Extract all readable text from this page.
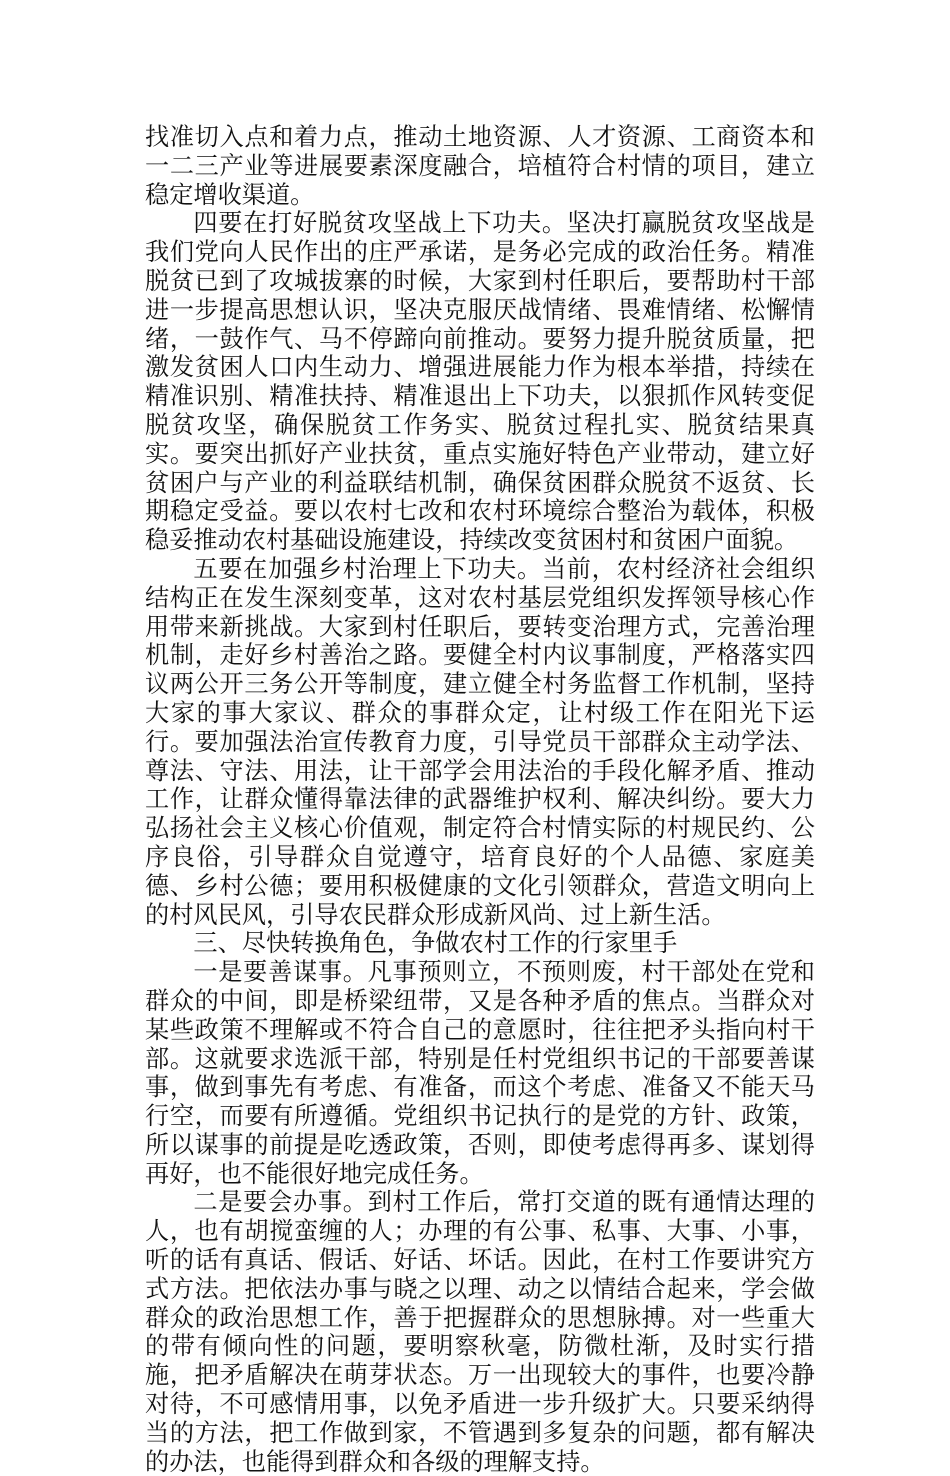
找准切入点和着力点，推动土地资源、人才资源、工商资本和一二三产业等进展要素深度融合，培植符合村情的项目，建立稳定增收渠道。

四要在打好脱贫攻坚战上下功夫。坚决打赢脱贫攻坚战是我们党向人民作出的庄严承诺，是务必完成的政治任务。精准脱贫已到了攻城拔寨的时候，大家到村任职后，要帮助村干部进一步提高思想认识，坚决克服厌战情绪、畏难情绪、松懈情绪，一鼓作气、马不停蹄向前推动。要努力提升脱贫质量，把激发贫困人口内生动力、增强进展能力作为根本举措，持续在精准识别、精准扶持、精准退出上下功夫，以狠抓作风转变促脱贫攻坚，确保脱贫工作务实、脱贫过程扎实、脱贫结果真实。要突出抓好产业扶贫，重点实施好特色产业带动，建立好贫困户与产业的利益联结机制，确保贫困群众脱贫不返贫、长期稳定受益。要以农村七改和农村环境综合整治为载体，积极稳妥推动农村基础设施建设，持续改变贫困村和贫困户面貌。

五要在加强乡村治理上下功夫。当前，农村经济社会组织结构正在发生深刻变革，这对农村基层党组织发挥领导核心作用带来新挑战。大家到村任职后，要转变治理方式，完善治理机制，走好乡村善治之路。要健全村内议事制度，严格落实四议两公开三务公开等制度，建立健全村务监督工作机制，坚持大家的事大家议、群众的事群众定，让村级工作在阳光下运行。要加强法治宣传教育力度，引导党员干部群众主动学法、尊法、守法、用法，让干部学会用法治的手段化解矛盾、推动工作，让群众懂得靠法律的武器维护权利、解决纠纷。要大力弘扬社会主义核心价值观，制定符合村情实际的村规民约、公序良俗，引导群众自觉遵守，培育良好的个人品德、家庭美德、乡村公德；要用积极健康的文化引领群众，营造文明向上的村风民风，引导农民群众形成新风尚、过上新生活。

三、尽快转换角色，争做农村工作的行家里手

一是要善谋事。凡事预则立，不预则废，村干部处在党和群众的中间，即是桥梁纽带，又是各种矛盾的焦点。当群众对某些政策不理解或不符合自己的意愿时，往往把矛头指向村干部。这就要求选派干部，特别是任村党组织书记的干部要善谋事，做到事先有考虑、有准备，而这个考虑、准备又不能天马行空，而要有所遵循。党组织书记执行的是党的方针、政策，所以谋事的前提是吃透政策，否则，即使考虑得再多、谋划得再好，也不能很好地完成任务。

二是要会办事。到村工作后，常打交道的既有通情达理的人，也有胡搅蛮缠的人；办理的有公事、私事、大事、小事，听的话有真话、假话、好话、坏话。因此，在村工作要讲究方式方法。把依法办事与晓之以理、动之以情结合起来，学会做群众的政治思想工作，善于把握群众的思想脉搏。对一些重大的带有倾向性的问题，要明察秋毫，防微杜渐，及时实行措施，把矛盾解决在萌芽状态。万一出现较大的事件，也要冷静对待，不可感情用事，以免矛盾进一步升级扩大。只要采纳得当的方法，把工作做到家，不管遇到多复杂的问题，都有解决的办法，也能得到群众和各级的理解支持。
